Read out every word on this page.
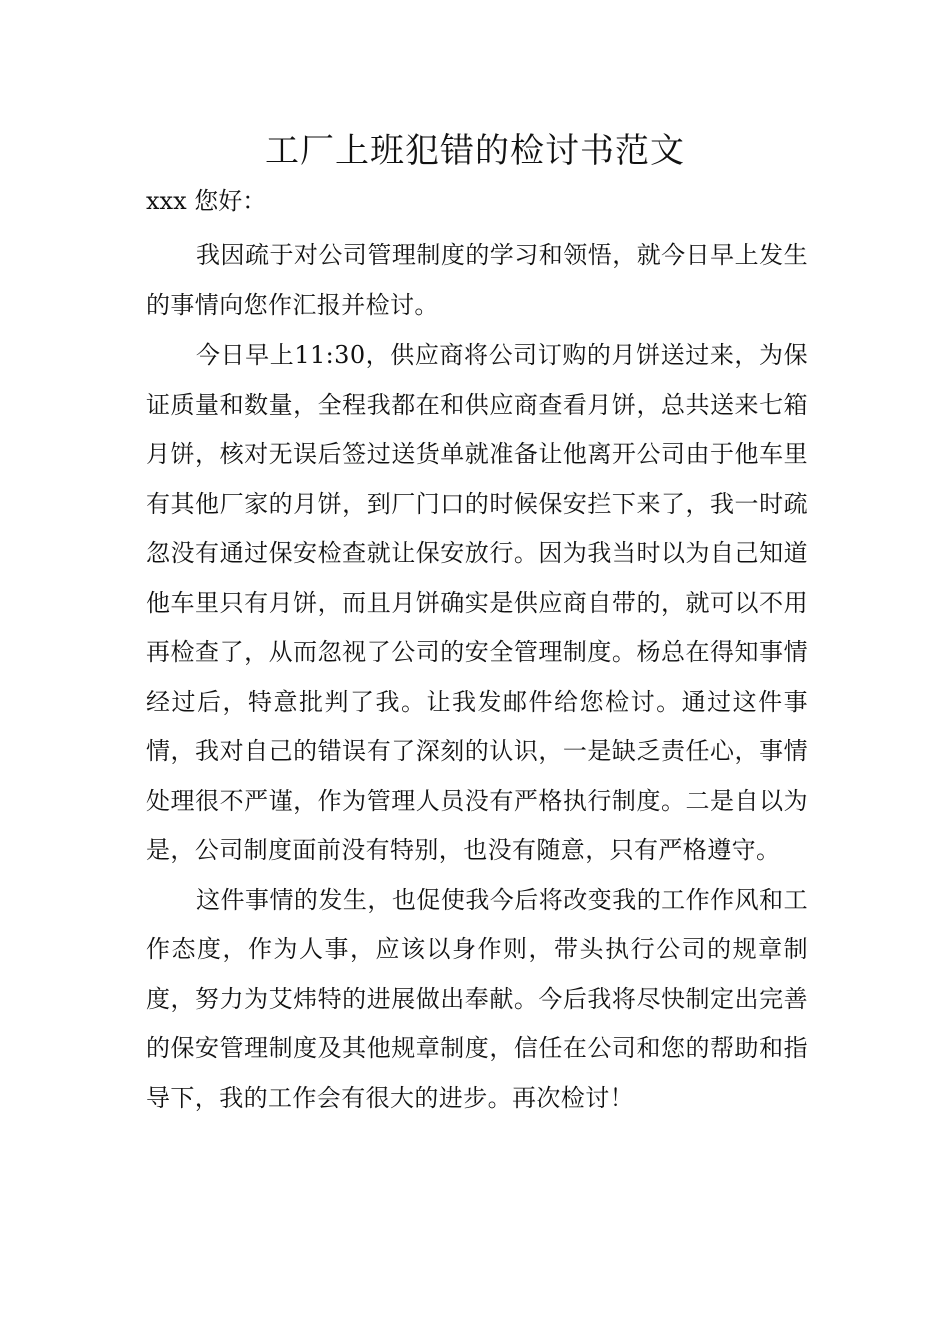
工厂上班犯错的检讨书范文

xxx 您好：

我因疏于对公司管理制度的学习和领悟，就今日早上发生的事情向您作汇报并检讨。

今日早上11:30，供应商将公司订购的月饼送过来，为保证质量和数量，全程我都在和供应商查看月饼，总共送来七箱月饼，核对无误后签过送货单就准备让他离开公司由于他车里有其他厂家的月饼，到厂门口的时候保安拦下来了，我一时疏忽没有通过保安检查就让保安放行。因为我当时以为自己知道他车里只有月饼，而且月饼确实是供应商自带的，就可以不用再检查了，从而忽视了公司的安全管理制度。杨总在得知事情经过后，特意批判了我。让我发邮件给您检讨。通过这件事情，我对自己的错误有了深刻的认识，一是缺乏责任心，事情处理很不严谨，作为管理人员没有严格执行制度。二是自以为是，公司制度面前没有特别，也没有随意，只有严格遵守。

这件事情的发生，也促使我今后将改变我的工作作风和工作态度，作为人事，应该以身作则，带头执行公司的规章制度，努力为艾炜特的进展做出奉献。今后我将尽快制定出完善的保安管理制度及其他规章制度，信任在公司和您的帮助和指导下，我的工作会有很大的进步。再次检讨！
